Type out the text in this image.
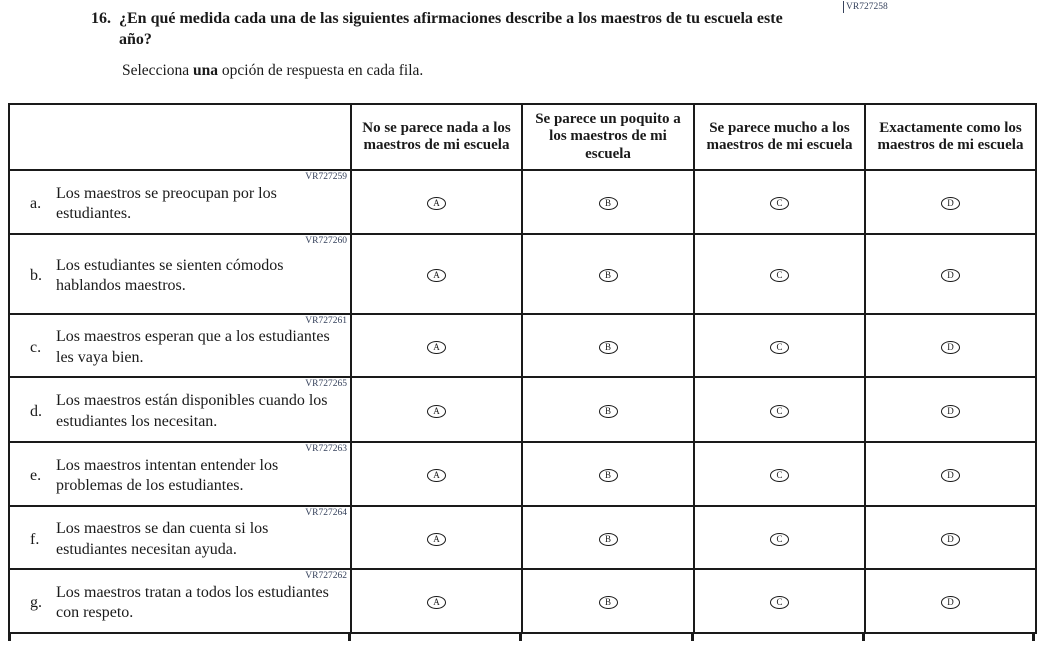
VR727258
16. ¿En qué medida cada una de las siguientes afirmaciones describe a los maestros de tu escuela este año?
Selecciona una opción de respuesta en cada fila.
	No se parece nada a los maestros de mi escuela	Se parece un poquito a los maestros de mi escuela	Se parece mucho a los maestros de mi escuela	Exactamente como los maestros de mi escuela

VR727259
a.
Los maestros se preocupan por los estudiantes.	A	B	C	D

VR727260
b.
Los estudiantes se sienten cómodos hablandos maestros.	A	B	C	D

VR727261
c.
Los maestros esperan que a los estudiantes les vaya bien.	A	B	C	D

VR727265
d.
Los maestros están disponibles cuando los estudiantes los necesitan.	A	B	C	D

VR727263
e.
Los maestros intentan entender los problemas de los estudiantes.	A	B	C	D

VR727264
f.
Los maestros se dan cuenta si los estudiantes necesitan ayuda.	A	B	C	D

VR727262
g.
Los maestros tratan a todos los estudiantes con respeto.	A	B	C	D
